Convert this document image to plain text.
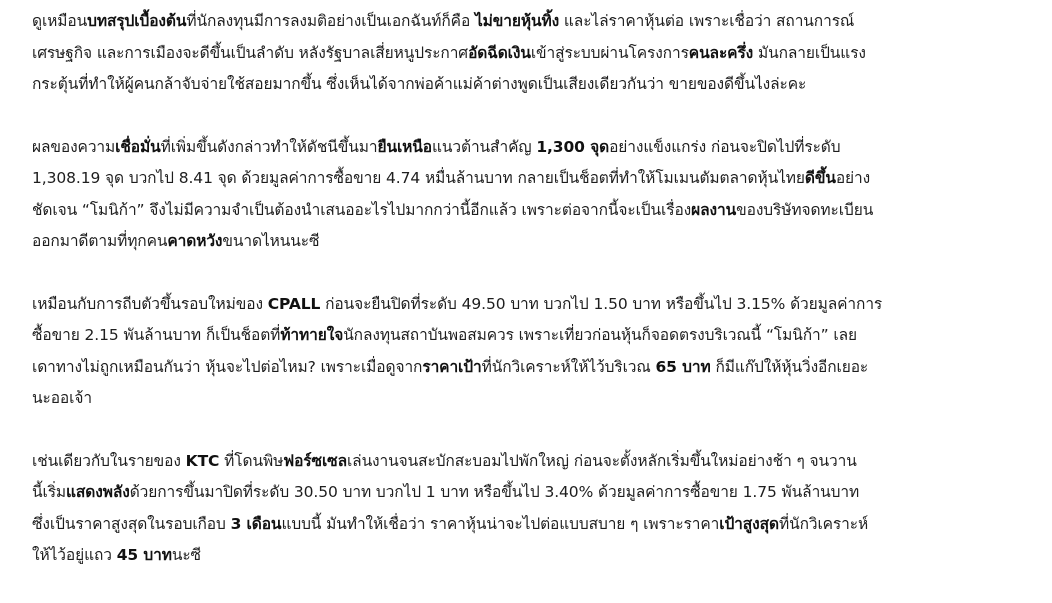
ดูเหมือนบทสรุปเบื้องต้นที่นักลงทุนมีการลงมติอย่างเป็นเอกฉันท์ก็คือ ไม่ขายหุ้นทิ้ง และไล่ราคาหุ้นต่อ เพราะเชื่อว่า สถานการณ์
เศรษฐกิจ และการเมืองจะดีขึ้นเป็นลำดับ หลังรัฐบาลเสี่ยหนูประกาศอัดฉีดเงินเข้าสู่ระบบผ่านโครงการคนละครึ่ง มันกลายเป็นแรง
กระตุ้นที่ทำให้ผู้คนกล้าจับจ่ายใช้สอยมากขึ้น ซึ่งเห็นได้จากพ่อค้าแม่ค้าต่างพูดเป็นเสียงเดียวกันว่า ขายของดีขึ้นไงล่ะคะ

ผลของความเชื่อมั่นที่เพิ่มขึ้นดังกล่าวทำให้ดัชนีขึ้นมายืนเหนือแนวต้านสำคัญ 1,300 จุดอย่างแข็งแกร่ง ก่อนจะปิดไปที่ระดับ
1,308.19 จุด บวกไป 8.41 จุด ด้วยมูลค่าการซื้อขาย 4.74 หมื่นล้านบาท กลายเป็นช็อตที่ทำให้โมเมนตัมตลาดหุ้นไทยดีขึ้นอย่าง
ชัดเจน “โมนิก้า” จึงไม่มีความจำเป็นต้องนำเสนออะไรไปมากกว่านี้อีกแล้ว เพราะต่อจากนี้จะเป็นเรื่องผลงานของบริษัทจดทะเบียน
ออกมาดีตามที่ทุกคนคาดหวังขนาดไหนนะซี

เหมือนกับการถีบตัวขึ้นรอบใหม่ของ CPALL ก่อนจะยืนปิดที่ระดับ 49.50 บาท บวกไป 1.50 บาท หรือขึ้นไป 3.15% ด้วยมูลค่าการ
ซื้อขาย 2.15 พันล้านบาท ก็เป็นช็อตที่ท้าทายใจนักลงทุนสถาบันพอสมควร เพราะเที่ยวก่อนหุ้นก็จอดตรงบริเวณนี้ “โมนิก้า” เลย
เดาทางไม่ถูกเหมือนกันว่า หุ้นจะไปต่อไหม? เพราะเมื่อดูจากราคาเป้าที่นักวิเคราะห์ให้ไว้บริเวณ 65 บาท ก็มีแก๊ปให้หุ้นวิ่งอีกเยอะ
นะออเจ้า

เช่นเดียวกับในรายของ KTC ที่โดนพิษฟอร์ซเซลเล่นงานจนสะบักสะบอมไปพักใหญ่ ก่อนจะตั้งหลักเริ่มขึ้นใหม่อย่างช้า ๆ จนวาน
นี้เริ่มแสดงพลังด้วยการขึ้นมาปิดที่ระดับ 30.50 บาท บวกไป 1 บาท หรือขึ้นไป 3.40% ด้วยมูลค่าการซื้อขาย 1.75 พันล้านบาท
ซึ่งเป็นราคาสูงสุดในรอบเกือบ 3 เดือนแบบนี้ มันทำให้เชื่อว่า ราคาหุ้นน่าจะไปต่อแบบสบาย ๆ เพราะราคาเป้าสูงสุดที่นักวิเคราะห์
ให้ไว้อยู่แถว 45 บาทนะซี
